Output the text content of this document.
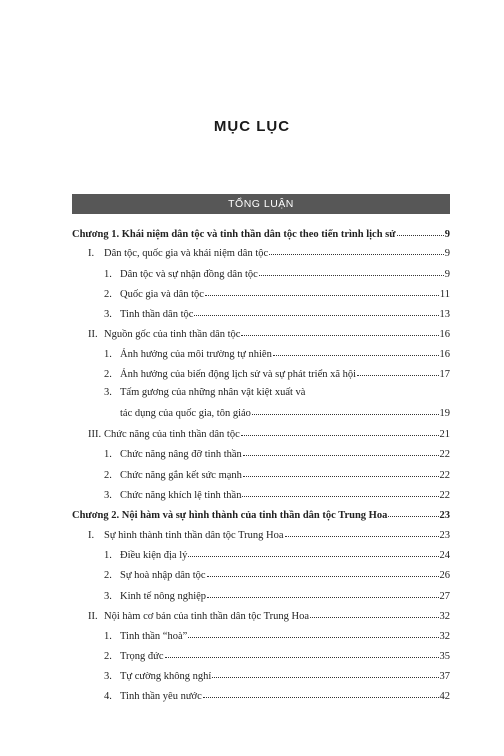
MỤC LỤC
TỔNG LUẬN
Chương 1. Khái niệm dân tộc và tinh thần dân tộc theo tiến trình lịch sử	9
I. Dân tộc, quốc gia và khái niệm dân tộc	9
1. Dân tộc và sự nhận đồng dân tộc	9
2. Quốc gia và dân tộc	11
3. Tinh thần dân tộc	13
II. Nguồn gốc của tinh thần dân tộc	16
1. Ảnh hưởng của môi trường tự nhiên	16
2. Ảnh hưởng của biến động lịch sử và sự phát triển xã hội	17
3. Tấm gương của những nhân vật kiệt xuất và
tác dụng của quốc gia, tôn giáo	19
III. Chức năng của tinh thần dân tộc	21
1. Chức năng nâng đỡ tinh thần	22
2. Chức năng gắn kết sức mạnh	22
3. Chức năng khích lệ tinh thần	22
Chương 2. Nội hàm và sự hình thành của tinh thần dân tộc Trung Hoa	23
I. Sự hình thành tinh thần dân tộc Trung Hoa	23
1. Điều kiện địa lý	24
2. Sự hoà nhập dân tộc	26
3. Kinh tế nông nghiệp	27
II. Nội hàm cơ bản của tinh thần dân tộc Trung Hoa	32
1. Tinh thần “hoà”	32
2. Trọng đức	35
3. Tự cường không nghỉ	37
4. Tinh thần yêu nước	42
